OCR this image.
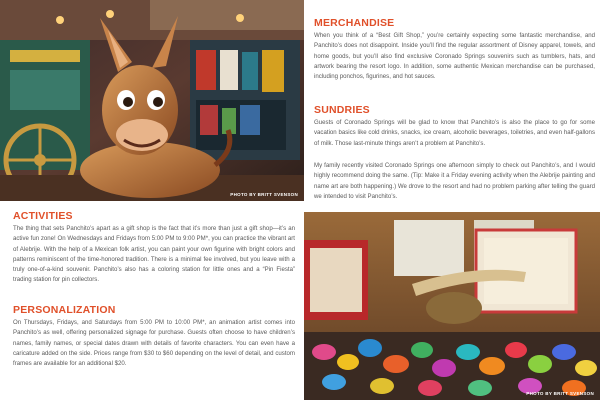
PHOTO BY BRITT SVENSON
PHOTO BY BRITT SVENSON
MERCHANDISE

When you think of a “Best Gift Shop,” you’re certainly expecting some fantastic merchandise, and Panchito’s does not disappoint. Inside you’ll find the regular assortment of Disney apparel, towels, and home goods, but you’ll also find exclusive Coronado Springs souvenirs such as tumblers, hats, and artwork bearing the resort logo. In addition, some authentic Mexican merchandise can be purchased, including ponchos, figurines, and hot sauces.

SUNDRIES

Guests of Coronado Springs will be glad to know that Panchito’s is also the place to go for some vacation basics like cold drinks, snacks, ice cream, alcoholic beverages, toiletries, and even half-gallons of milk. Those last-minute things aren’t a problem at Panchito’s.

My family recently visited Coronado Springs one afternoon simply to check out Panchito’s, and I would highly recommend doing the same. (Tip: Make it a Friday evening activity when the Alebrije painting and name art are both happening.) We drove to the resort and had no problem parking after telling the guard we intended to visit Panchito’s.

ACTIVITIES

The thing that sets Panchito’s apart as a gift shop is the fact that it’s more than just a gift shop—it’s an active fun zone! On Wednesdays and Fridays from 5:00 PM to 9:00 PM*, you can practice the vibrant art of Alebrije. With the help of a Mexican folk artist, you can paint your own figurine with bright colors and patterns reminiscent of the time-honored tradition. There is a minimal fee involved, but you leave with a truly one-of-a-kind souvenir. Panchito’s also has a coloring station for little ones and a “Pin Fiesta” trading station for pin collectors.

PERSONALIZATION

On Thursdays, Fridays, and Saturdays from 5:00 PM to 10:00 PM*, an animation artist comes into Panchito’s as well, offering personalized signage for purchase. Guests often choose to have children’s names, family names, or special dates drawn with details of favorite characters. You can even have a caricature added on the side. Prices range from $30 to $60 depending on the level of detail, and custom frames are available for an additional $20.
